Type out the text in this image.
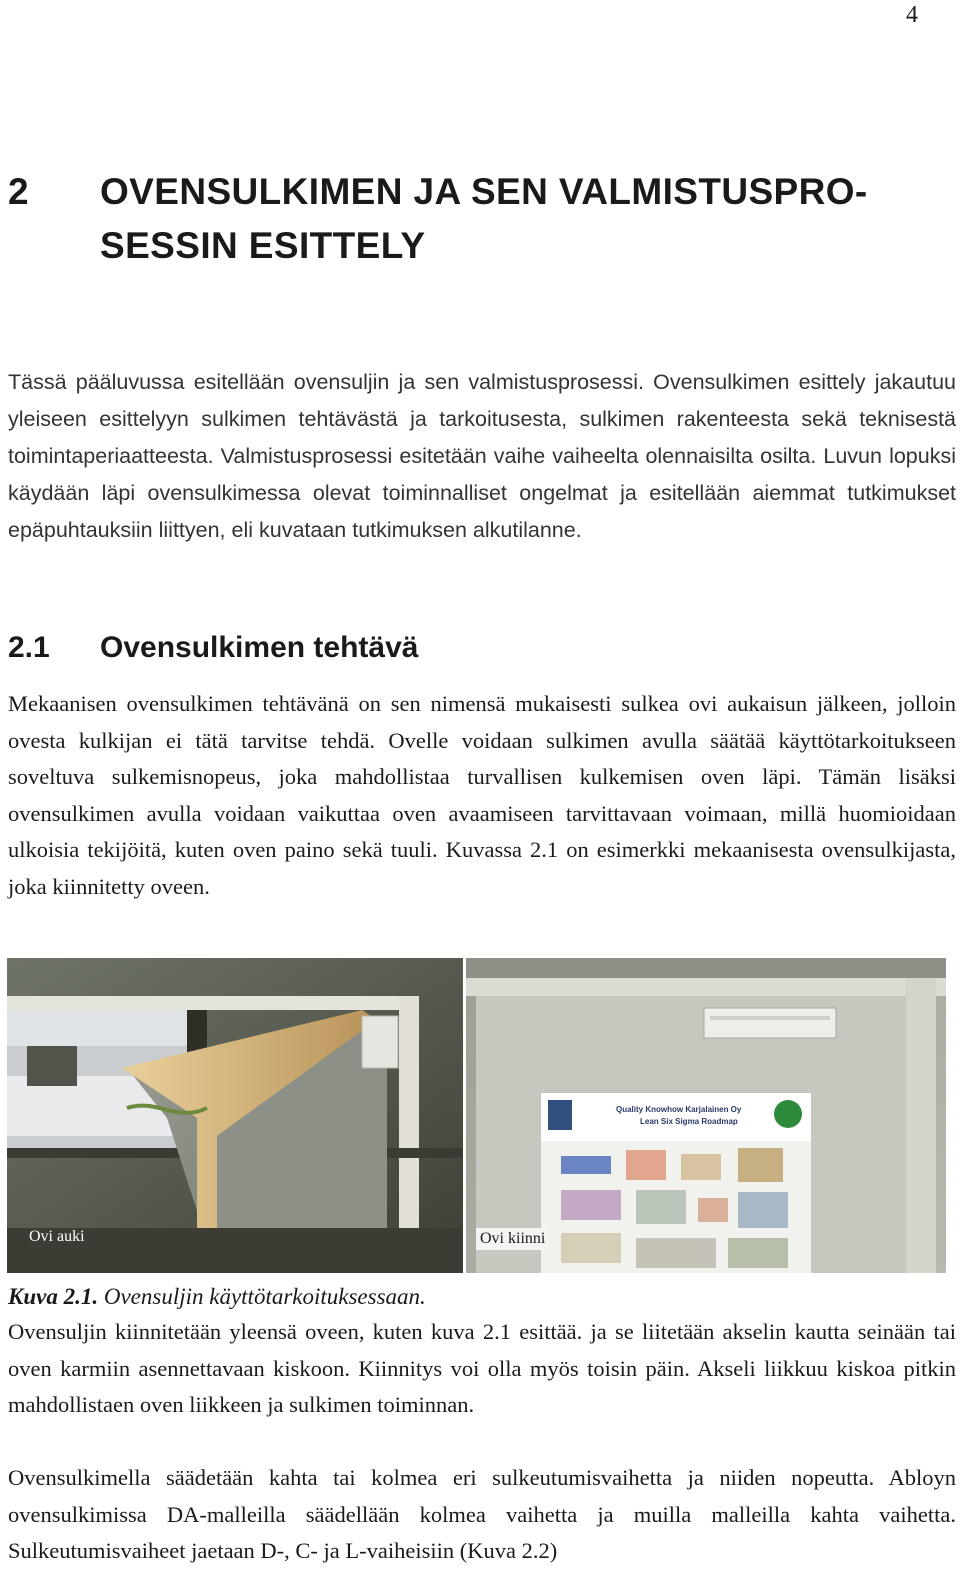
4
2 OVENSULKIMEN JA SEN VALMISTUSPRO-
SESSIN ESITTELY

Tässä pääluvussa esitellään ovensuljin ja sen valmistusprosessi. Ovensulkimen esittely jakautuu yleiseen esittelyyn sulkimen tehtävästä ja tarkoitusesta, sulkimen rakenteesta sekä teknisestä toimintaperiaatteesta. Valmistusprosessi esitetään vaihe vaiheelta olennaisilta osilta. Luvun lopuksi käydään läpi ovensulkimessa olevat toiminnalliset ongelmat ja esitellään aiemmat tutkimukset epäpuhtauksiin liittyen, eli kuvataan tutkimuksen alkutilanne.

2.1 Ovensulkimen tehtävä

Mekaanisen ovensulkimen tehtävänä on sen nimensä mukaisesti sulkea ovi aukaisun jälkeen, jolloin ovesta kulkijan ei tätä tarvitse tehdä. Ovelle voidaan sulkimen avulla säätää käyttötarkoitukseen soveltuva sulkemisnopeus, joka mahdollistaa turvallisen kulkemisen oven läpi. Tämän lisäksi ovensulkimen avulla voidaan vaikuttaa oven avaamiseen tarvittavaan voimaan, millä huomioidaan ulkoisia tekijöitä, kuten oven paino sekä tuuli. Kuvassa 2.1 on esimerkki mekaanisesta ovensulkijasta, joka kiinnitetty oveen.

Ovi auki
Quality Knowhow Karjalainen Oy
Lean Six Sigma Roadmap
Ovi kiinni
Kuva 2.1. Ovensuljin käyttötarkoituksessaan.

Ovensuljin kiinnitetään yleensä oveen, kuten kuva 2.1 esittää. ja se liitetään akselin kautta seinään tai oven karmiin asennettavaan kiskoon. Kiinnitys voi olla myös toisin päin. Akseli liikkuu kiskoa pitkin mahdollistaen oven liikkeen ja sulkimen toiminnan.

Ovensulkimella säädetään kahta tai kolmea eri sulkeutumisvaihetta ja niiden nopeutta. Abloyn ovensulkimissa DA-malleilla säädellään kolmea vaihetta ja muilla malleilla kahta vaihetta. Sulkeutumisvaiheet jaetaan D-, C- ja L-vaiheisiin (Kuva 2.2)
